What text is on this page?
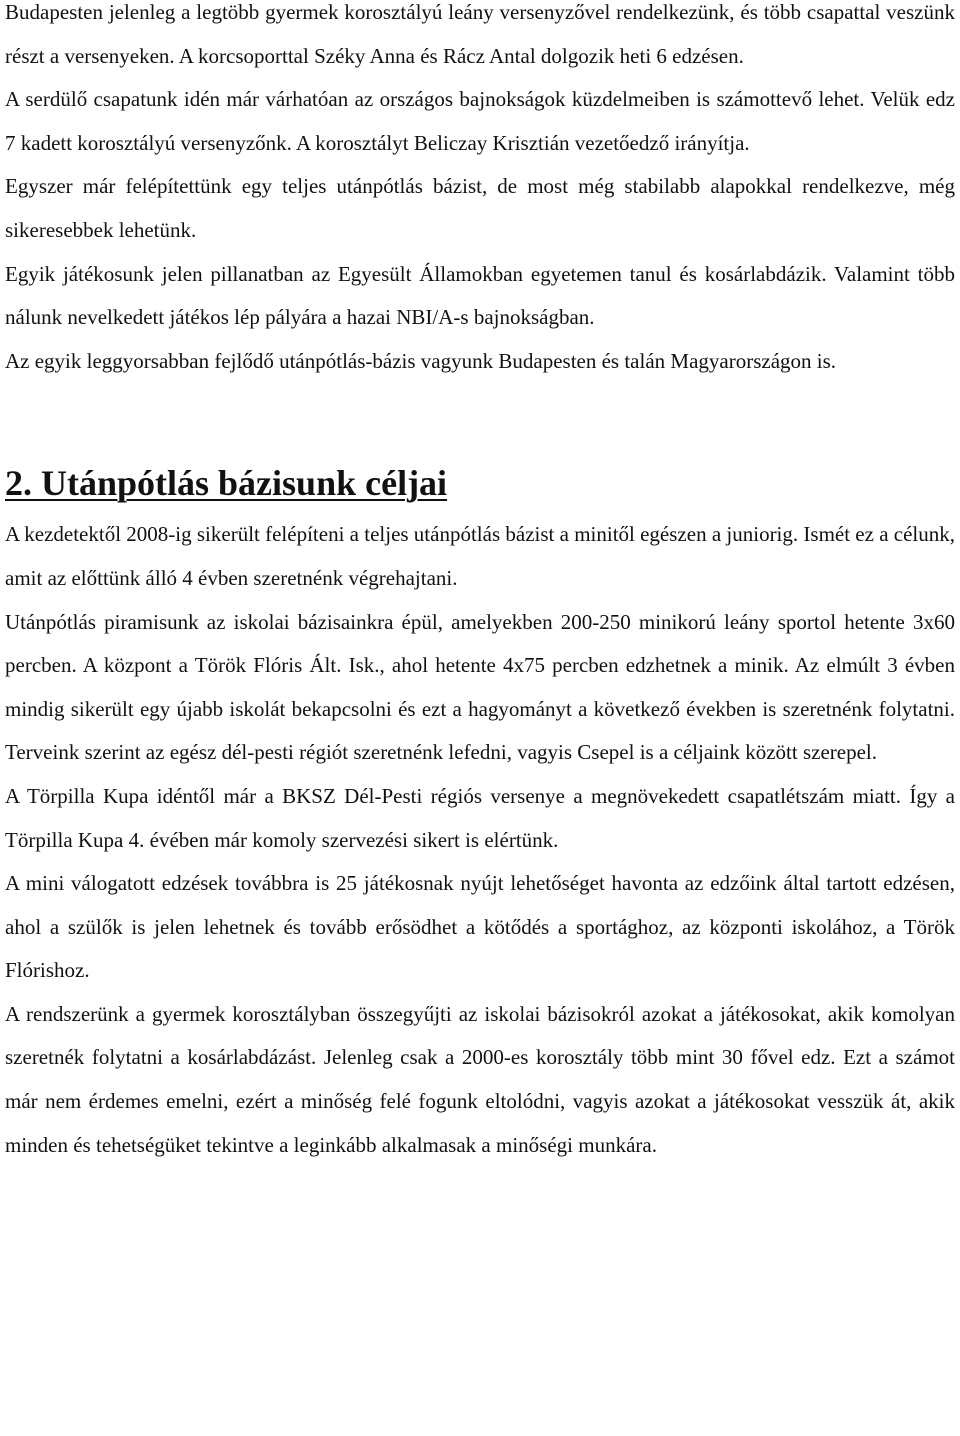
Budapesten jelenleg a legtöbb gyermek korosztályú leány versenyzővel rendelkezünk, és több csapattal veszünk részt a versenyeken. A korcsoporttal Széky Anna és Rácz Antal dolgozik heti 6 edzésen.

A serdülő csapatunk idén már várhatóan az országos bajnokságok küzdelmeiben is számottevő lehet. Velük edz 7 kadett korosztályú versenyzőnk. A korosztályt Beliczay Krisztián vezetőedző irányítja.

Egyszer már felépítettünk egy teljes utánpótlás bázist, de most még stabilabb alapokkal rendelkezve, még sikeresebbek lehetünk.

Egyik játékosunk jelen pillanatban az Egyesült Államokban egyetemen tanul és kosárlabdázik. Valamint több nálunk nevelkedett játékos lép pályára a hazai NBI/A-s bajnokságban.

Az egyik leggyorsabban fejlődő utánpótlás-bázis vagyunk Budapesten és talán Magyarországon is.

2. Utánpótlás bázisunk céljai

A kezdetektől 2008-ig sikerült felépíteni a teljes utánpótlás bázist a minitől egészen a juniorig. Ismét ez a célunk, amit az előttünk álló 4 évben szeretnénk végrehajtani.

Utánpótlás piramisunk az iskolai bázisainkra épül, amelyekben 200-250 minikorú leány sportol hetente 3x60 percben. A központ a Török Flóris Ált. Isk., ahol hetente 4x75 percben edzhetnek a minik. Az elmúlt 3 évben mindig sikerült egy újabb iskolát bekapcsolni és ezt a hagyományt a következő években is szeretnénk folytatni. Terveink szerint az egész dél-pesti régiót szeretnénk lefedni, vagyis Csepel is a céljaink között szerepel.

A Törpilla Kupa idéntől már a BKSZ Dél-Pesti régiós versenye a megnövekedett csapatlétszám miatt. Így a Törpilla Kupa 4. évében már komoly szervezési sikert is elértünk.

A mini válogatott edzések továbbra is 25 játékosnak nyújt lehetőséget havonta az edzőink által tartott edzésen, ahol a szülők is jelen lehetnek és tovább erősödhet a kötődés a sportághoz, az központi iskolához, a Török Flórishoz.

A rendszerünk a gyermek korosztályban összegyűjti az iskolai bázisokról azokat a játékosokat, akik komolyan szeretnék folytatni a kosárlabdázást. Jelenleg csak a 2000-es korosztály több mint 30 fővel edz. Ezt a számot már nem érdemes emelni, ezért a minőség felé fogunk eltolódni, vagyis azokat a játékosokat vesszük át, akik minden és tehetségüket tekintve a leginkább alkalmasak a minőségi munkára.
